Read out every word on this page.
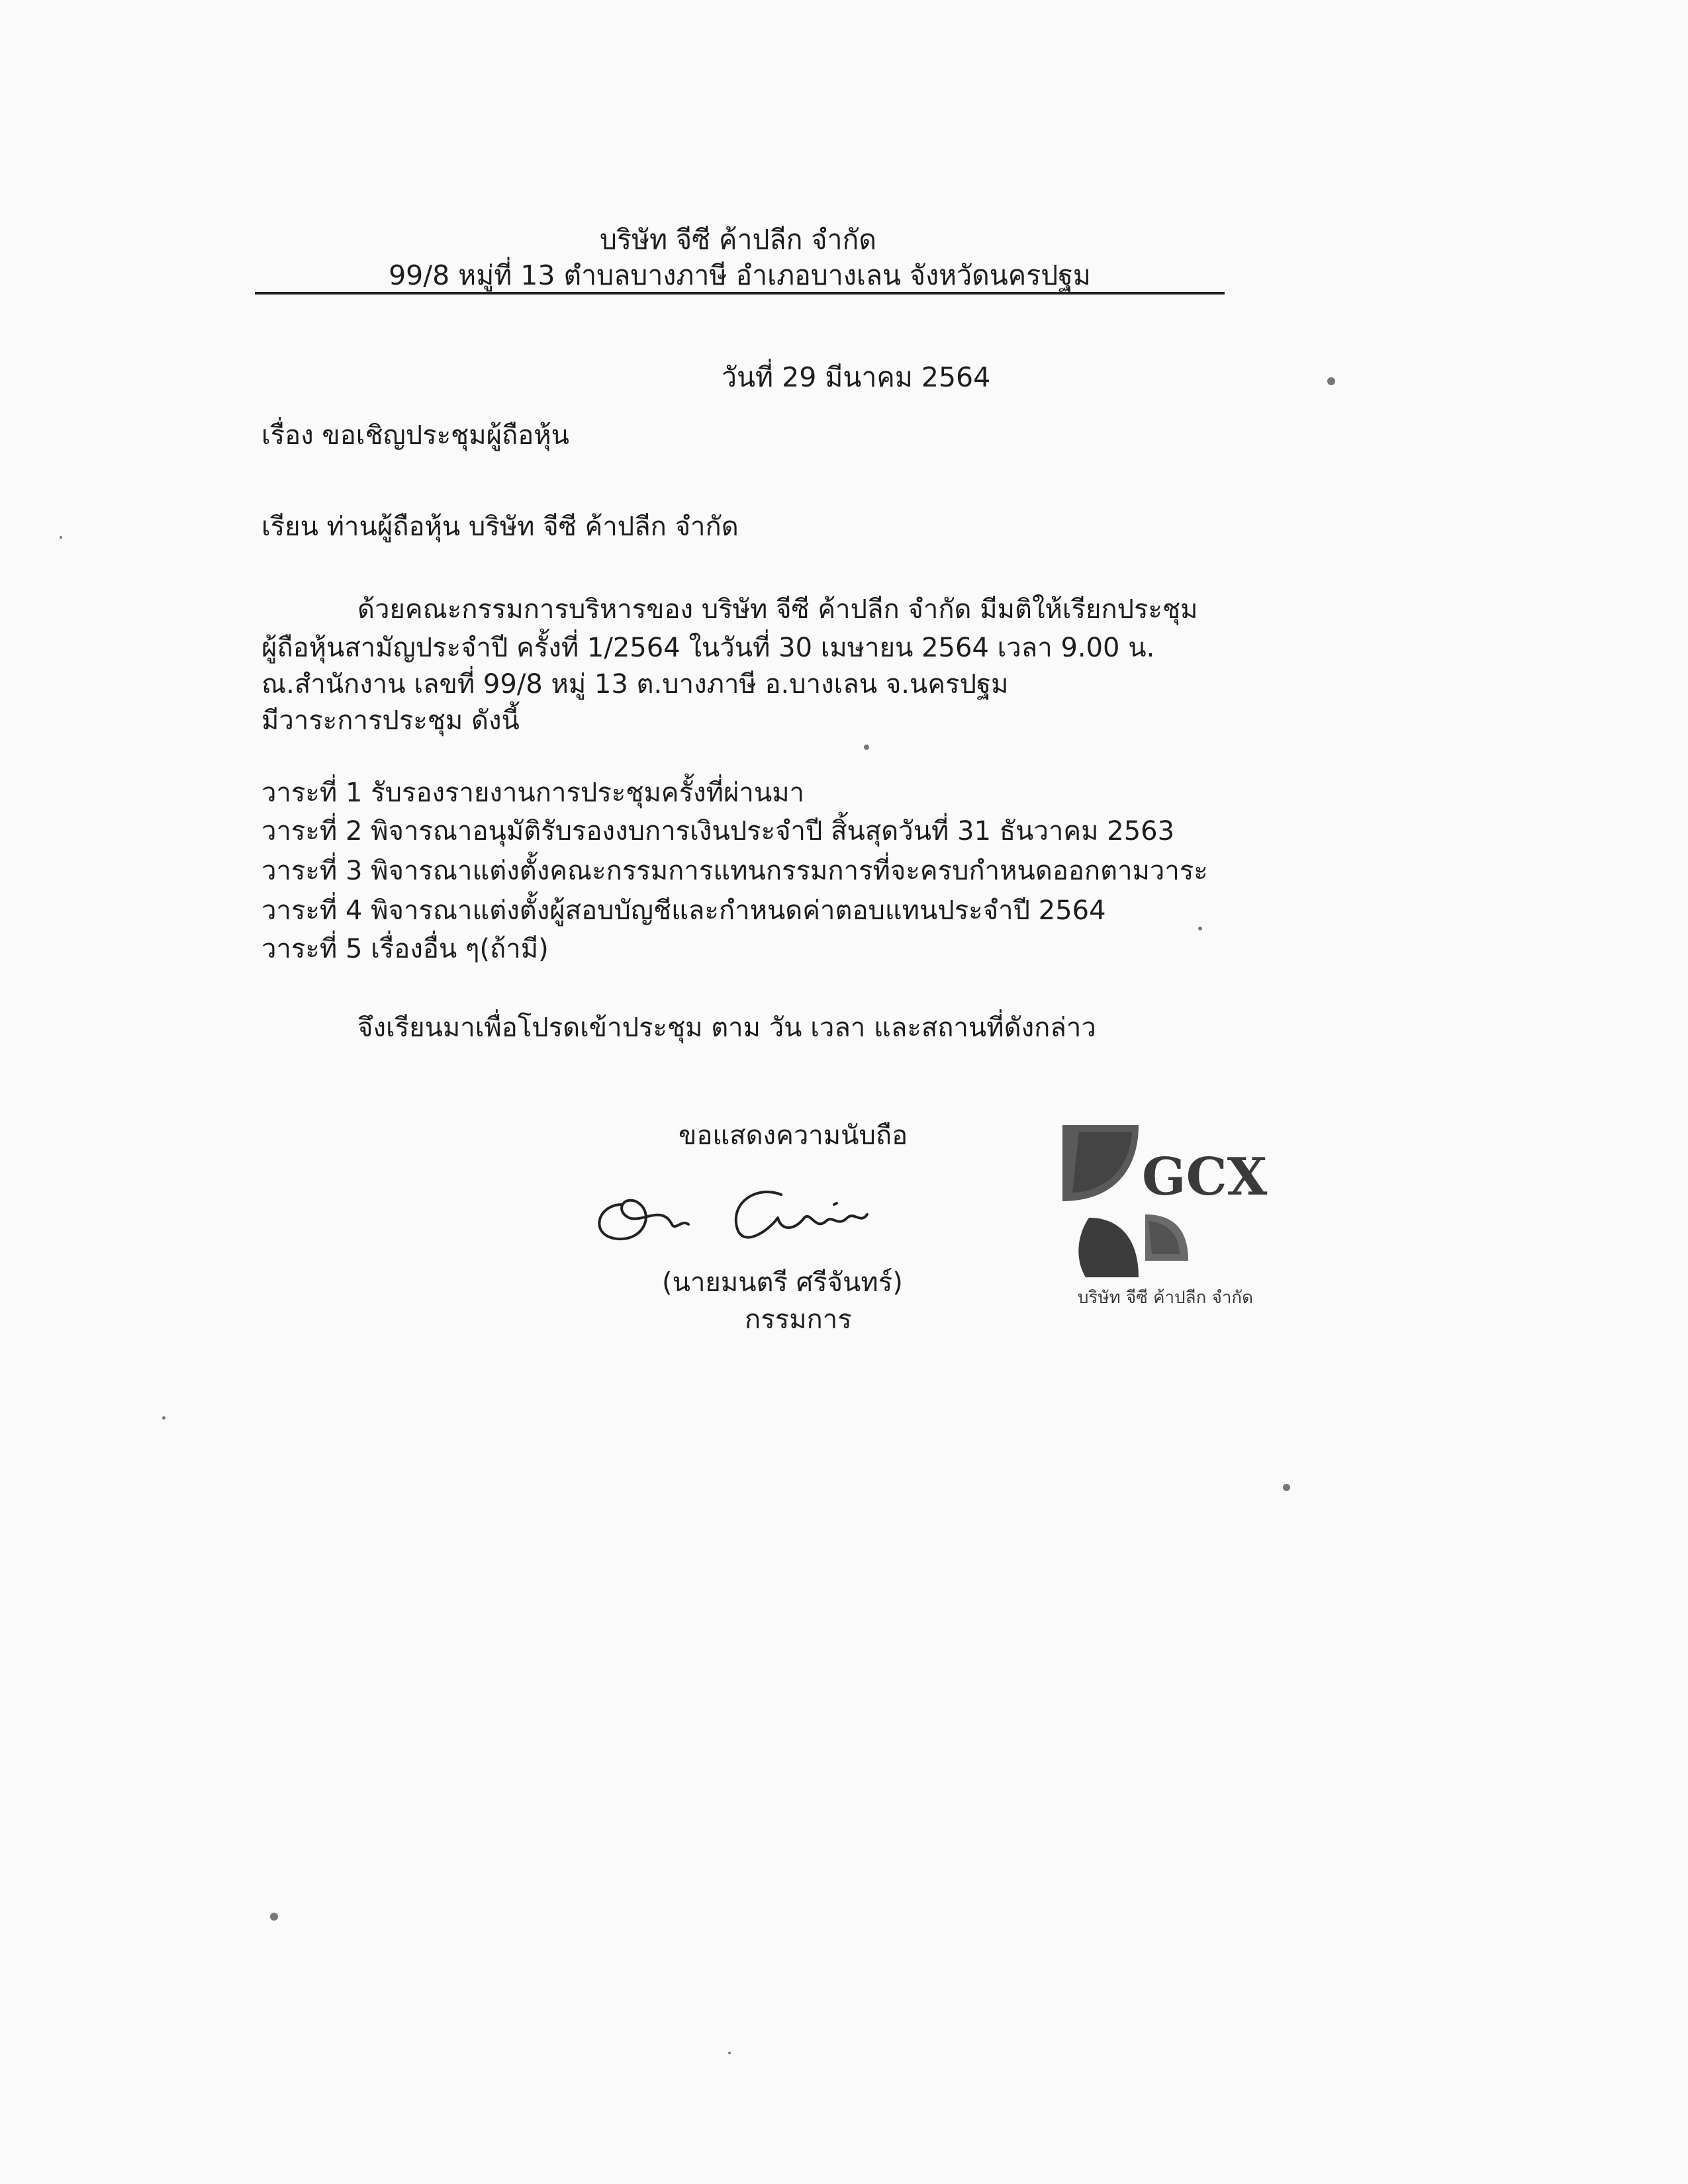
บริษัท จีซี ค้าปลีก จำกัด
99/8 หมู่ที่ 13 ตำบลบางภาษี อำเภอบางเลน จังหวัดนครปฐม
วันที่ 29 มีนาคม 2564
เรื่อง ขอเชิญประชุมผู้ถือหุ้น
เรียน ท่านผู้ถือหุ้น บริษัท จีซี ค้าปลีก จำกัด
ด้วยคณะกรรมการบริหารของ บริษัท จีซี ค้าปลีก จำกัด มีมติให้เรียกประชุม
ผู้ถือหุ้นสามัญประจำปี ครั้งที่ 1/2564 ในวันที่ 30 เมษายน 2564 เวลา 9.00 น.
ณ.สำนักงาน เลขที่ 99/8 หมู่ 13 ต.บางภาษี อ.บางเลน จ.นครปฐม
มีวาระการประชุม ดังนี้
วาระที่ 1 รับรองรายงานการประชุมครั้งที่ผ่านมา
วาระที่ 2 พิจารณาอนุมัติรับรองงบการเงินประจำปี สิ้นสุดวันที่ 31 ธันวาคม 2563
วาระที่ 3 พิจารณาแต่งตั้งคณะกรรมการแทนกรรมการที่จะครบกำหนดออกตามวาระ
วาระที่ 4 พิจารณาแต่งตั้งผู้สอบบัญชีและกำหนดค่าตอบแทนประจำปี 2564
วาระที่ 5 เรื่องอื่น ๆ(ถ้ามี)
จึงเรียนมาเพื่อโปรดเข้าประชุม ตาม วัน เวลา และสถานที่ดังกล่าว
ขอแสดงความนับถือ
(นายมนตรี ศรีจันทร์)
กรรมการ
GCX
บริษัท จีซี ค้าปลีก จำกัด
